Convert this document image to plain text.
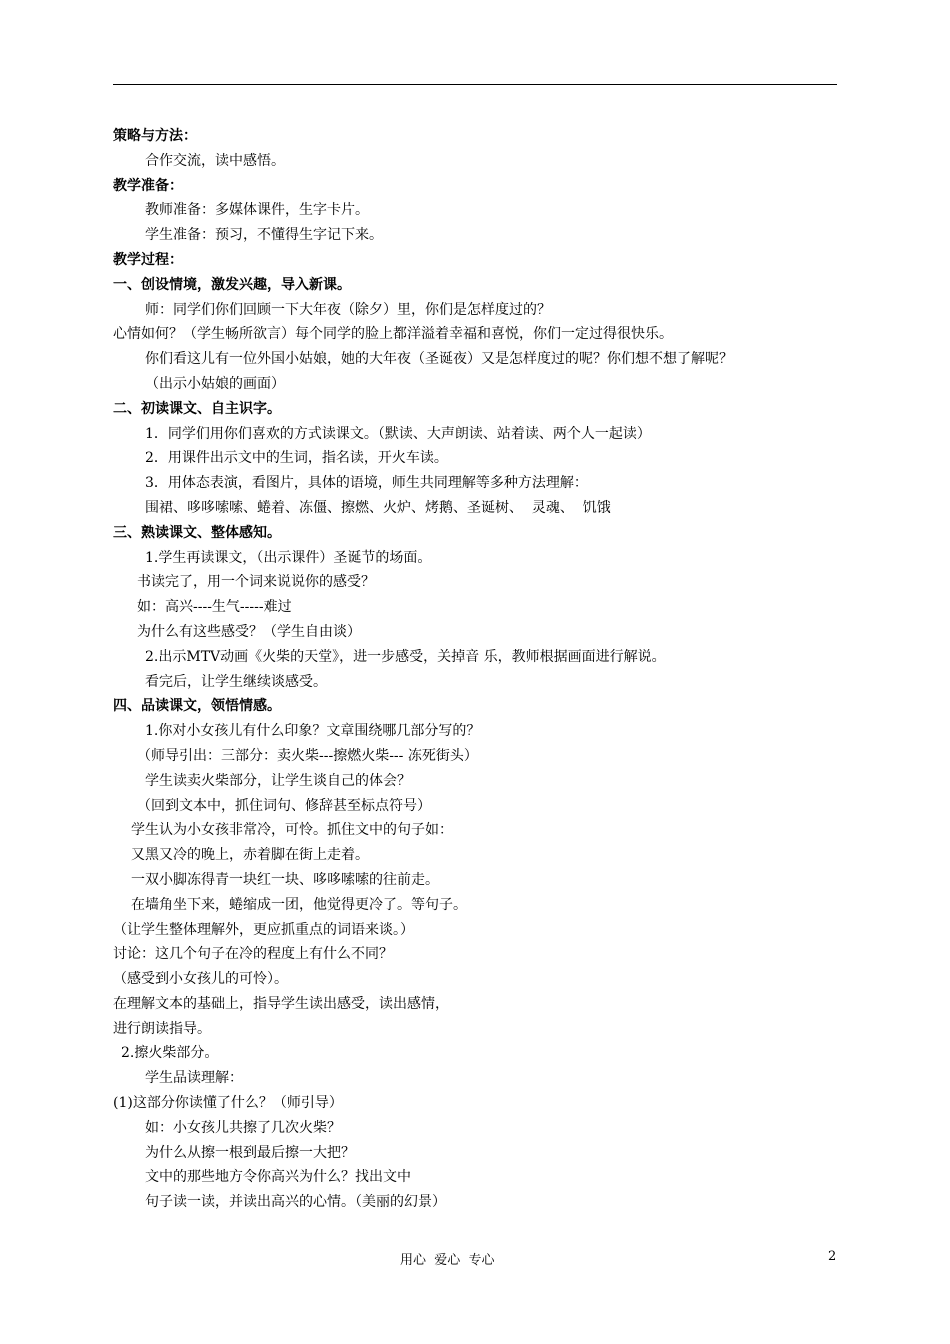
策略与方法：
合作交流，读中感悟。
教学准备：
教师准备：多媒体课件，生字卡片。
学生准备：预习，不懂得生字记下来。
教学过程：
一、创设情境，激发兴趣，导入新课。
师：同学们你们回顾一下大年夜（除夕）里，你们是怎样度过的？
心情如何？（学生畅所欲言）每个同学的脸上都洋溢着幸福和喜悦，你们一定过得很快乐。
你们看这儿有一位外国小姑娘，她的大年夜（圣诞夜）又是怎样度过的呢？你们想不想了解呢？
（出示小姑娘的画面）
二、初读课文、自主识字。
1．同学们用你们喜欢的方式读课文。（默读、大声朗读、站着读、两个人一起读）
2．用课件出示文中的生词，指名读，开火车读。
3．用体态表演，看图片，具体的语境，师生共同理解等多种方法理解：
围裙、哆哆嗦嗦、蜷着、冻僵、擦燃、火炉、烤鹅、圣诞树、  灵魂、  饥饿
三、熟读课文、整体感知。
1.学生再读课文，（出示课件）圣诞节的场面。
书读完了，用一个词来说说你的感受？
如：高兴----生气-----难过
为什么有这些感受？（学生自由谈）
2.出示MTV动画《火柴的天堂》，进一步感受，关掉音 乐，教师根据画面进行解说。
看完后，让学生继续谈感受。
四、品读课文，领悟情感。
1.你对小女孩儿有什么印象？文章围绕哪几部分写的？
（师导引出：三部分：卖火柴---擦燃火柴--- 冻死街头）
学生读卖火柴部分，让学生谈自己的体会？
（回到文本中，抓住词句、修辞甚至标点符号）
学生认为小女孩非常冷，可怜。抓住文中的句子如：
又黑又冷的晚上，赤着脚在街上走着。
一双小脚冻得青一块红一块、哆哆嗦嗦的往前走。
在墙角坐下来，蜷缩成一团，他觉得更冷了。等句子。
（让学生整体理解外，更应抓重点的词语来谈。）
讨论：这几个句子在冷的程度上有什么不同？
（感受到小女孩儿的可怜）。
在理解文本的基础上，指导学生读出感受，读出感情，
进行朗读指导。
2.擦火柴部分。
学生品读理解：
(1)这部分你读懂了什么？（师引导）
如：小女孩儿共擦了几次火柴？
为什么从擦一根到最后擦一大把？
文中的那些地方令你高兴为什么？找出文中
句子读一读，并读出高兴的心情。（美丽的幻景）
用心  爱心  专心	2
